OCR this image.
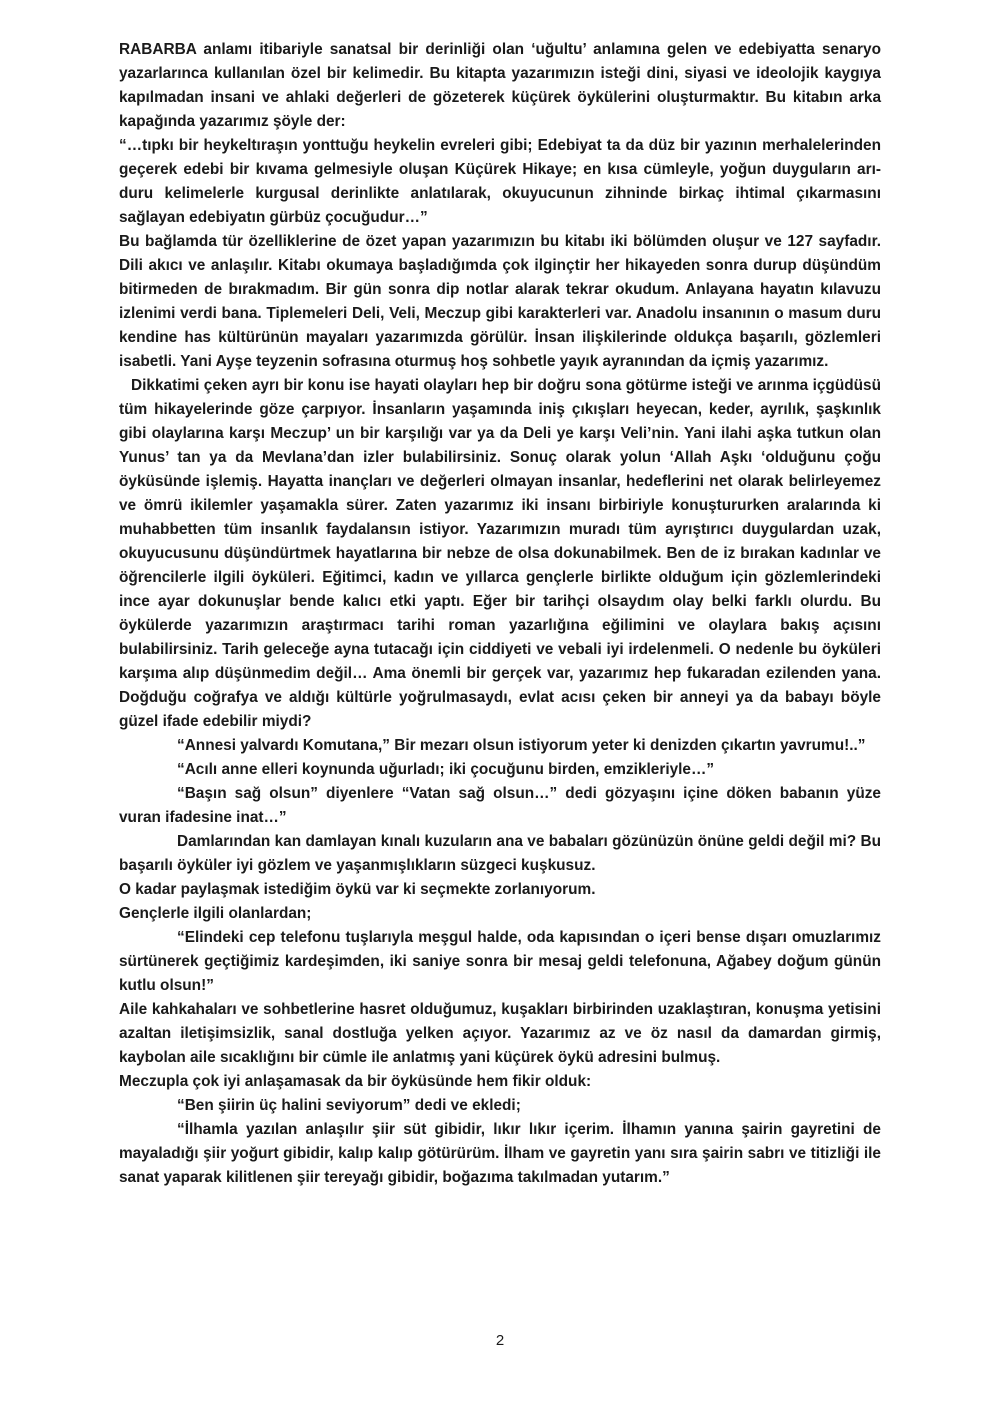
RABARBA anlamı itibariyle sanatsal bir derinliği olan ‘uğultu’ anlamına gelen ve edebiyatta senaryo yazarlarınca kullanılan özel bir kelimedir. Bu kitapta yazarımızın isteği dini, siyasi ve ideolojik kaygıya kapılmadan insani ve ahlaki değerleri de gözeterek küçürek öykülerini oluşturmaktır. Bu kitabın arka kapağında yazarımız şöyle der:

“…tıpkı bir heykeltıraşın yonttuğu heykelin evreleri gibi; Edebiyat ta da düz bir yazının merhalelerinden geçerek edebi bir kıvama gelmesiyle oluşan Küçürek Hikaye; en kısa cümleyle, yoğun duyguların arı- duru kelimelerle kurgusal derinlikte anlatılarak, okuyucunun zihninde birkaç ihtimal çıkarmasını sağlayan edebiyatın gürbüz çocuğudur…”

Bu bağlamda tür özelliklerine de özet yapan yazarımızın bu kitabı iki bölümden oluşur ve 127 sayfadır. Dili akıcı ve anlaşılır. Kitabı okumaya başladığımda çok ilginçtir her hikayeden sonra durup düşündüm bitirmeden de bırakmadım. Bir gün sonra dip notlar alarak tekrar okudum. Anlayana hayatın kılavuzu izlenimi verdi bana. Tiplemeleri Deli, Veli, Meczup gibi karakterleri var. Anadolu insanının o masum duru kendine has kültürünün mayaları yazarımızda görülür. İnsan ilişkilerinde oldukça başarılı, gözlemleri isabetli. Yani Ayşe teyzenin sofrasına oturmuş hoş sohbetle yayık ayranından da içmiş yazarımız.

Dikkatimi çeken ayrı bir konu ise hayati olayları hep bir doğru sona götürme isteği ve arınma içgüdüsü tüm hikayelerinde göze çarpıyor. İnsanların yaşamında iniş çıkışları heyecan, keder, ayrılık, şaşkınlık gibi olaylarına karşı Meczup’ un bir karşılığı var ya da Deli ye karşı Veli’nin. Yani ilahi aşka tutkun olan Yunus’ tan ya da Mevlana’dan izler bulabilirsiniz. Sonuç olarak yolun ‘Allah Aşkı ‘olduğunu çoğu öyküsünde işlemiş. Hayatta inançları ve değerleri olmayan insanlar, hedeflerini net olarak belirleyemez ve ömrü ikilemler yaşamakla sürer. Zaten yazarımız iki insanı birbiriyle konuştururken aralarında ki muhabbetten tüm insanlık faydalansın istiyor. Yazarımızın muradı tüm ayrıştırıcı duygulardan uzak, okuyucusunu düşündürtmek hayatlarına bir nebze de olsa dokunabilmek. Ben de iz bırakan kadınlar ve öğrencilerle ilgili öyküleri. Eğitimci, kadın ve yıllarca gençlerle birlikte olduğum için gözlemlerindeki ince ayar dokunuşlar bende kalıcı etki yaptı. Eğer bir tarihçi olsaydım olay belki farklı olurdu. Bu öykülerde yazarımızın araştırmacı tarihi roman yazarlığına eğilimini ve olaylara bakış açısını bulabilirsiniz. Tarih geleceğe ayna tutacağı için ciddiyeti ve vebali iyi irdelenmeli. O nedenle bu öyküleri karşıma alıp düşünmedim değil… Ama önemli bir gerçek var, yazarımız hep fukaradan ezilenden yana. Doğduğu coğrafya ve aldığı kültürle yoğrulmasaydı, evlat acısı çeken bir anneyi ya da babayı böyle güzel ifade edebilir miydi?

“Annesi yalvardı Komutana,” Bir mezarı olsun istiyorum yeter ki denizden çıkartın yavrumu!..”

“Acılı anne elleri koynunda uğurladı; iki çocuğunu birden, emzikleriyle…”

“Başın sağ olsun” diyenlere “Vatan sağ olsun…” dedi gözyaşını içine döken babanın yüze vuran ifadesine inat…”

Damlarından kan damlayan kınalı kuzuların ana ve babaları gözünüzün önüne geldi değil mi? Bu başarılı öyküler iyi gözlem ve yaşanmışlıkların süzgeci kuşkusuz.

O kadar paylaşmak istediğim öykü var ki seçmekte zorlanıyorum.

Gençlerle ilgili olanlardan;

“Elindeki cep telefonu tuşlarıyla meşgul halde, oda kapısından o içeri bense dışarı omuzlarımız sürtünerek geçtiğimiz kardeşimden, iki saniye sonra bir mesaj geldi telefonuna, Ağabey doğum günün kutlu olsun!”

Aile kahkahaları ve sohbetlerine hasret olduğumuz, kuşakları birbirinden uzaklaştıran, konuşma yetisini azaltan iletişimsizlik, sanal dostluğa yelken açıyor. Yazarımız az ve öz nasıl da damardan girmiş, kaybolan aile sıcaklığını bir cümle ile anlatmış yani küçürek öykü adresini bulmuş.

Meczupla çok iyi anlaşamasak da bir öyküsünde hem fikir olduk:

“Ben şiirin üç halini seviyorum” dedi ve ekledi;

“İlhamla yazılan anlaşılır şiir süt gibidir, lıkır lıkır içerim. İlhamın yanına şairin gayretini de mayaladığı şiir yoğurt gibidir, kalıp kalıp götürürüm. İlham ve gayretin yanı sıra şairin sabrı ve titizliği ile sanat yaparak kilitlenen şiir tereyağı gibidir, boğazıma takılmadan yutarım.”

2
